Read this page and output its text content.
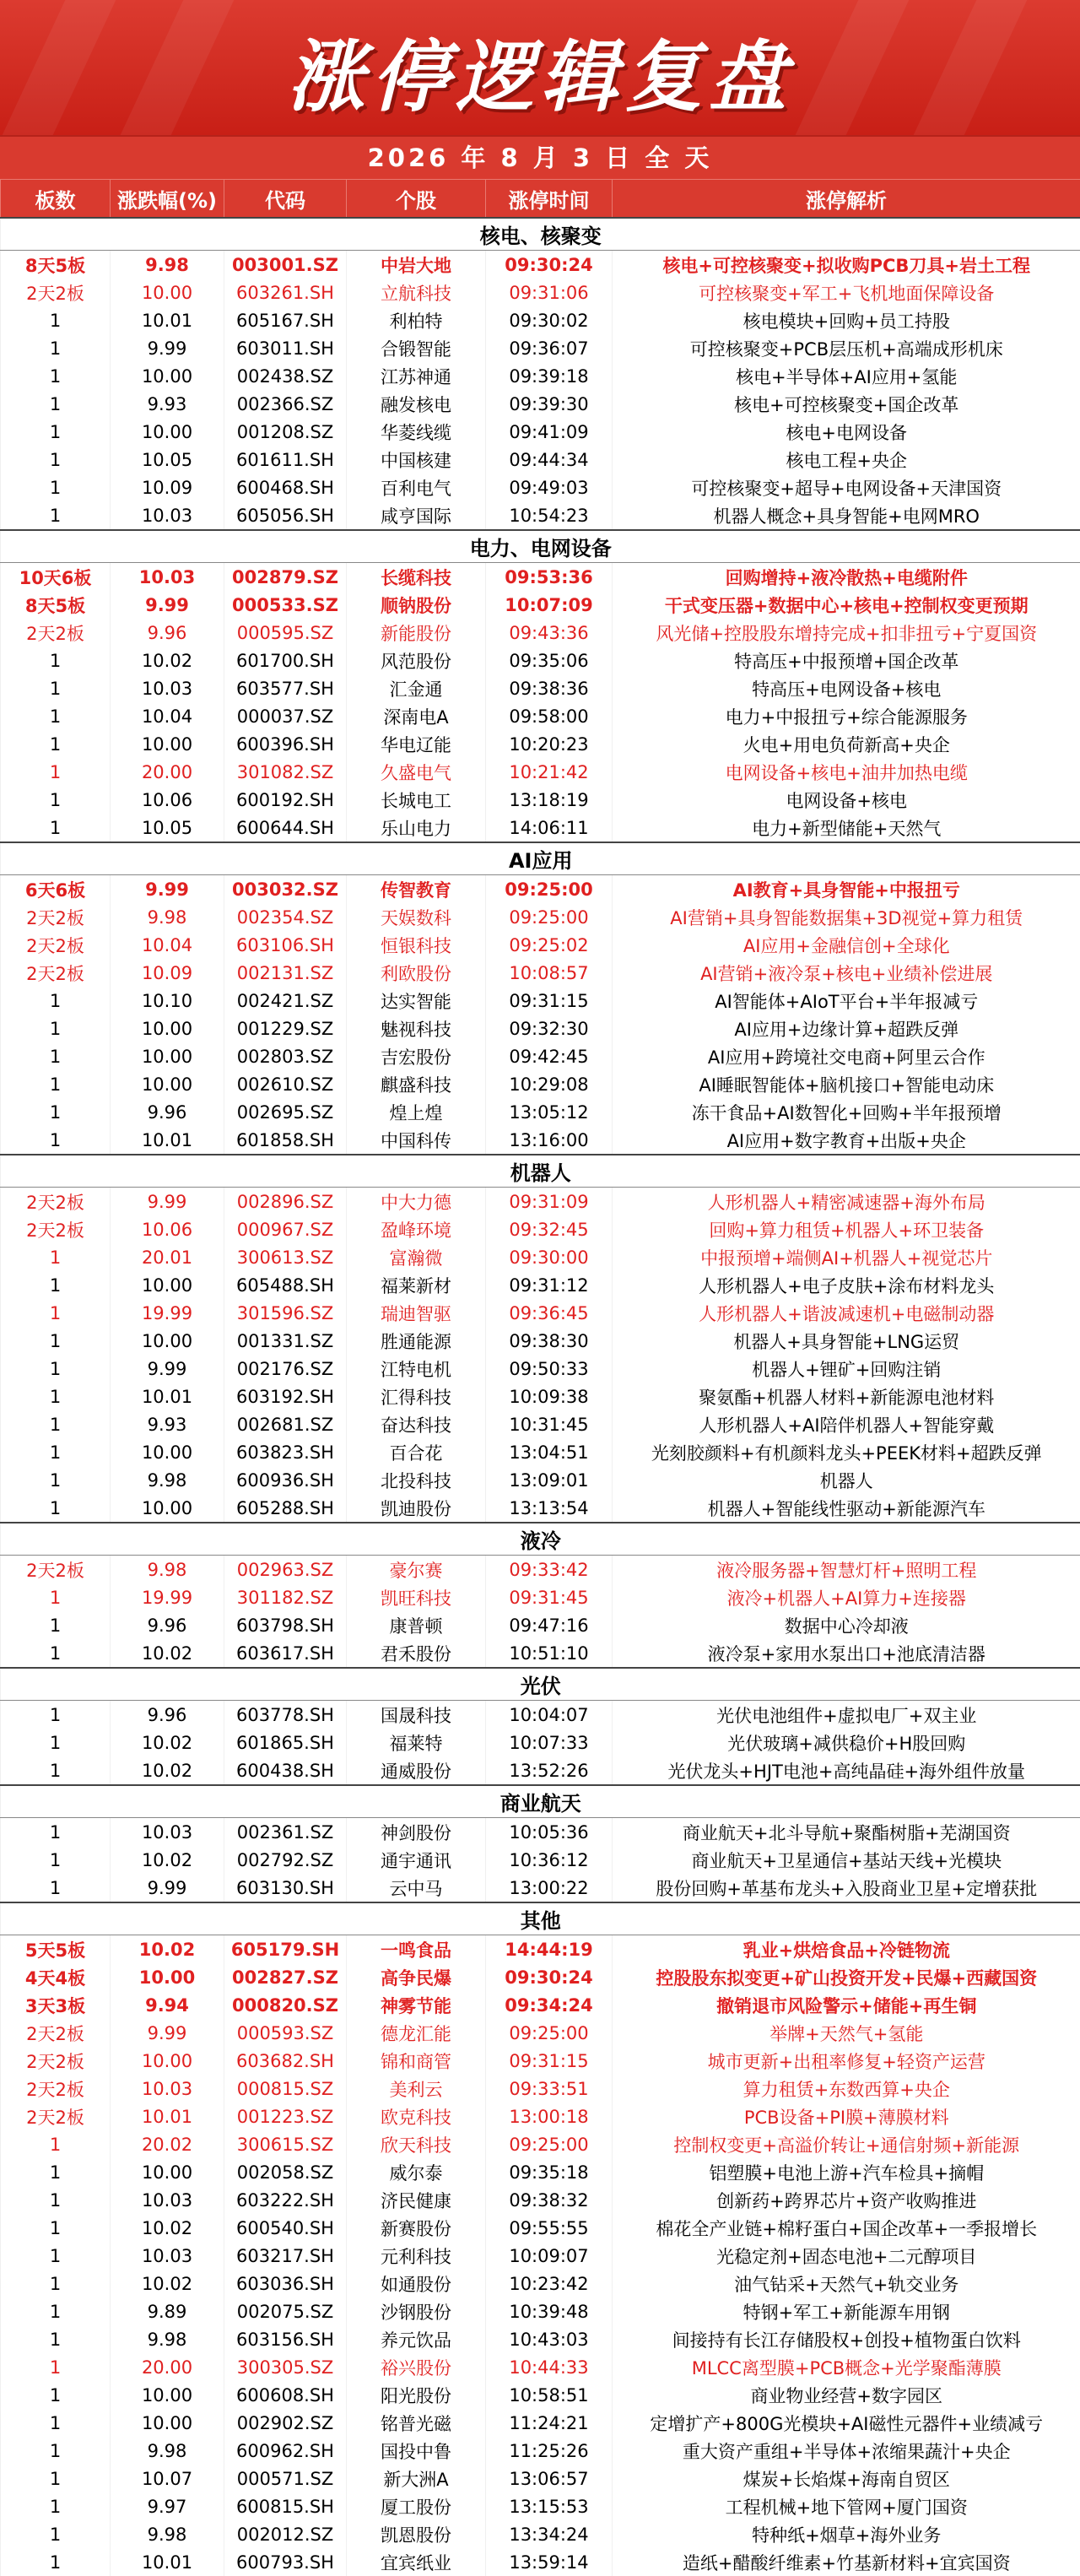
涨停逻辑复盘
2026 年 8 月 3 日 全 天
板数	涨跌幅(%)	代码	个股	涨停时间	涨停解析
核电、核聚变					
8天5板	9.98	003001.SZ	中岩大地	09:30:24	核电+可控核聚变+拟收购PCB刀具+岩土工程
2天2板	10.00	603261.SH	立航科技	09:31:06	可控核聚变+军工+飞机地面保障设备
1	10.01	605167.SH	利柏特	09:30:02	核电模块+回购+员工持股
1	9.99	603011.SH	合锻智能	09:36:07	可控核聚变+PCB层压机+高端成形机床
1	10.00	002438.SZ	江苏神通	09:39:18	核电+半导体+AI应用+氢能
1	9.93	002366.SZ	融发核电	09:39:30	核电+可控核聚变+国企改革
1	10.00	001208.SZ	华菱线缆	09:41:09	核电+电网设备
1	10.05	601611.SH	中国核建	09:44:34	核电工程+央企
1	10.09	600468.SH	百利电气	09:49:03	可控核聚变+超导+电网设备+天津国资
1	10.03	605056.SH	咸亨国际	10:54:23	机器人概念+具身智能+电网MRO
电力、电网设备					
10天6板	10.03	002879.SZ	长缆科技	09:53:36	回购增持+液冷散热+电缆附件
8天5板	9.99	000533.SZ	顺钠股份	10:07:09	干式变压器+数据中心+核电+控制权变更预期
2天2板	9.96	000595.SZ	新能股份	09:43:36	风光储+控股股东增持完成+扣非扭亏+宁夏国资
1	10.02	601700.SH	风范股份	09:35:06	特高压+中报预增+国企改革
1	10.03	603577.SH	汇金通	09:38:36	特高压+电网设备+核电
1	10.04	000037.SZ	深南电A	09:58:00	电力+中报扭亏+综合能源服务
1	10.00	600396.SH	华电辽能	10:20:23	火电+用电负荷新高+央企
1	20.00	301082.SZ	久盛电气	10:21:42	电网设备+核电+油井加热电缆
1	10.06	600192.SH	长城电工	13:18:19	电网设备+核电
1	10.05	600644.SH	乐山电力	14:06:11	电力+新型储能+天然气
AI应用					
6天6板	9.99	003032.SZ	传智教育	09:25:00	AI教育+具身智能+中报扭亏
2天2板	9.98	002354.SZ	天娱数科	09:25:00	AI营销+具身智能数据集+3D视觉+算力租赁
2天2板	10.04	603106.SH	恒银科技	09:25:02	AI应用+金融信创+全球化
2天2板	10.09	002131.SZ	利欧股份	10:08:57	AI营销+液冷泵+核电+业绩补偿进展
1	10.10	002421.SZ	达实智能	09:31:15	AI智能体+AIoT平台+半年报减亏
1	10.00	001229.SZ	魅视科技	09:32:30	AI应用+边缘计算+超跌反弹
1	10.00	002803.SZ	吉宏股份	09:42:45	AI应用+跨境社交电商+阿里云合作
1	10.00	002610.SZ	麒盛科技	10:29:08	AI睡眠智能体+脑机接口+智能电动床
1	9.96	002695.SZ	煌上煌	13:05:12	冻干食品+AI数智化+回购+半年报预增
1	10.01	601858.SH	中国科传	13:16:00	AI应用+数字教育+出版+央企
机器人					
2天2板	9.99	002896.SZ	中大力德	09:31:09	人形机器人+精密减速器+海外布局
2天2板	10.06	000967.SZ	盈峰环境	09:32:45	回购+算力租赁+机器人+环卫装备
1	20.01	300613.SZ	富瀚微	09:30:00	中报预增+端侧AI+机器人+视觉芯片
1	10.00	605488.SH	福莱新材	09:31:12	人形机器人+电子皮肤+涂布材料龙头
1	19.99	301596.SZ	瑞迪智驱	09:36:45	人形机器人+谐波减速机+电磁制动器
1	10.00	001331.SZ	胜通能源	09:38:30	机器人+具身智能+LNG运贸
1	9.99	002176.SZ	江特电机	09:50:33	机器人+锂矿+回购注销
1	10.01	603192.SH	汇得科技	10:09:38	聚氨酯+机器人材料+新能源电池材料
1	9.93	002681.SZ	奋达科技	10:31:45	人形机器人+AI陪伴机器人+智能穿戴
1	10.00	603823.SH	百合花	13:04:51	光刻胶颜料+有机颜料龙头+PEEK材料+超跌反弹
1	9.98	600936.SH	北投科技	13:09:01	机器人
1	10.00	605288.SH	凯迪股份	13:13:54	机器人+智能线性驱动+新能源汽车
液冷					
2天2板	9.98	002963.SZ	豪尔赛	09:33:42	液冷服务器+智慧灯杆+照明工程
1	19.99	301182.SZ	凯旺科技	09:31:45	液冷+机器人+AI算力+连接器
1	9.96	603798.SH	康普顿	09:47:16	数据中心冷却液
1	10.02	603617.SH	君禾股份	10:51:10	液冷泵+家用水泵出口+池底清洁器
光伏					
1	9.96	603778.SH	国晟科技	10:04:07	光伏电池组件+虚拟电厂+双主业
1	10.02	601865.SH	福莱特	10:07:33	光伏玻璃+减供稳价+H股回购
1	10.02	600438.SH	通威股份	13:52:26	光伏龙头+HJT电池+高纯晶硅+海外组件放量
商业航天					
1	10.03	002361.SZ	神剑股份	10:05:36	商业航天+北斗导航+聚酯树脂+芜湖国资
1	10.02	002792.SZ	通宇通讯	10:36:12	商业航天+卫星通信+基站天线+光模块
1	9.99	603130.SH	云中马	13:00:22	股份回购+革基布龙头+入股商业卫星+定增获批
其他					
5天5板	10.02	605179.SH	一鸣食品	14:44:19	乳业+烘焙食品+冷链物流
4天4板	10.00	002827.SZ	高争民爆	09:30:24	控股股东拟变更+矿山投资开发+民爆+西藏国资
3天3板	9.94	000820.SZ	神雾节能	09:34:24	撤销退市风险警示+储能+再生铜
2天2板	9.99	000593.SZ	德龙汇能	09:25:00	举牌+天然气+氢能
2天2板	10.00	603682.SH	锦和商管	09:31:15	城市更新+出租率修复+轻资产运营
2天2板	10.03	000815.SZ	美利云	09:33:51	算力租赁+东数西算+央企
2天2板	10.01	001223.SZ	欧克科技	13:00:18	PCB设备+PI膜+薄膜材料
1	20.02	300615.SZ	欣天科技	09:25:00	控制权变更+高溢价转让+通信射频+新能源
1	10.00	002058.SZ	威尔泰	09:35:18	铝塑膜+电池上游+汽车检具+摘帽
1	10.03	603222.SH	济民健康	09:38:32	创新药+跨界芯片+资产收购推进
1	10.02	600540.SH	新赛股份	09:55:55	棉花全产业链+棉籽蛋白+国企改革+一季报增长
1	10.03	603217.SH	元利科技	10:09:07	光稳定剂+固态电池+二元醇项目
1	10.02	603036.SH	如通股份	10:23:42	油气钻采+天然气+轨交业务
1	9.89	002075.SZ	沙钢股份	10:39:48	特钢+军工+新能源车用钢
1	9.98	603156.SH	养元饮品	10:43:03	间接持有长江存储股权+创投+植物蛋白饮料
1	20.00	300305.SZ	裕兴股份	10:44:33	MLCC离型膜+PCB概念+光学聚酯薄膜
1	10.00	600608.SH	阳光股份	10:58:51	商业物业经营+数字园区
1	10.00	002902.SZ	铭普光磁	11:24:21	定增扩产+800G光模块+AI磁性元器件+业绩减亏
1	9.98	600962.SH	国投中鲁	11:25:26	重大资产重组+半导体+浓缩果蔬汁+央企
1	10.07	000571.SZ	新大洲A	13:06:57	煤炭+长焰煤+海南自贸区
1	9.97	600815.SH	厦工股份	13:15:53	工程机械+地下管网+厦门国资
1	9.98	002012.SZ	凯恩股份	13:34:24	特种纸+烟草+海外业务
1	10.01	600793.SH	宜宾纸业	13:59:14	造纸+醋酸纤维素+竹基新材料+宜宾国资
